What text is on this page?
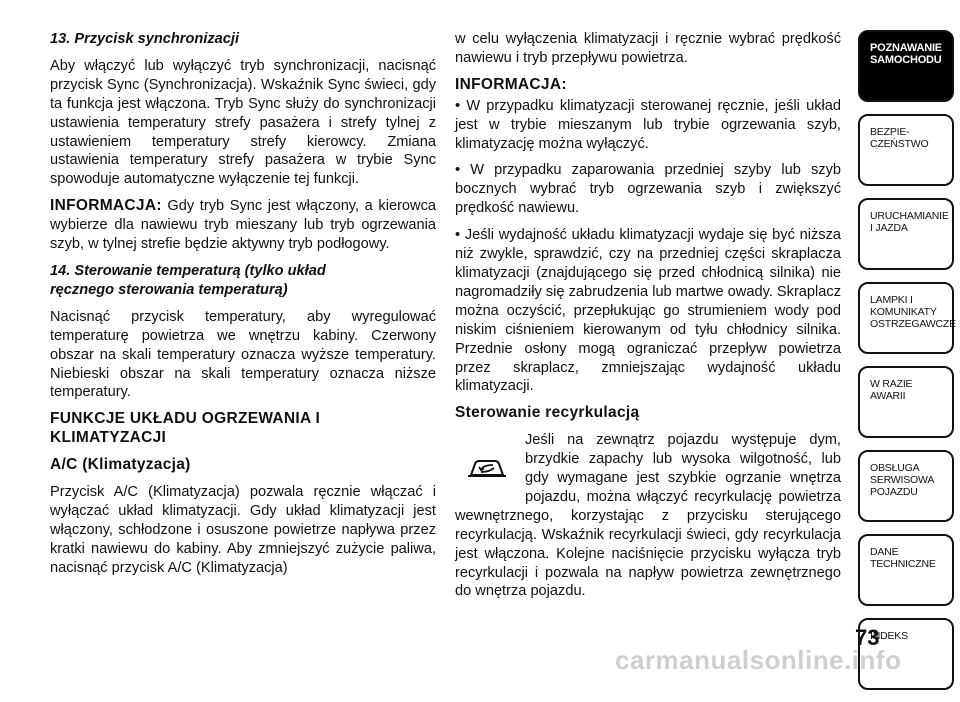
13. Przycisk synchronizacji

Aby włączyć lub wyłączyć tryb synchronizacji, nacisnąć przycisk Sync (Synchronizacja). Wskaźnik Sync świeci, gdy ta funkcja jest włączona. Tryb Sync służy do synchronizacji ustawienia temperatury strefy pasażera i strefy tylnej z ustawieniem temperatury strefy kierowcy. Zmiana ustawienia temperatury strefy pasażera w trybie Sync spowoduje automatyczne wyłączenie tej funkcji.

INFORMACJA: Gdy tryb Sync jest włączony, a kierowca wybierze dla nawiewu tryb mieszany lub tryb ogrzewania szyb, w tylnej strefie będzie aktywny tryb podłogowy.

14. Sterowanie temperaturą (tylko układ
ręcznego sterowania temperaturą)

Nacisnąć przycisk temperatury, aby wyregulować temperaturę powietrza we wnętrzu kabiny. Czerwony obszar na skali temperatury oznacza wyższe temperatury. Niebieski obszar na skali temperatury oznacza niższe temperatury.

FUNKCJE UKŁADU OGRZEWANIA I
KLIMATYZACJI

A/C (Klimatyzacja)

Przycisk A/C (Klimatyzacja) pozwala ręcznie włączać i wyłączać układ klimatyzacji. Gdy układ klimatyzacji jest włączony, schłodzone i osuszone powietrze napływa przez kratki nawiewu do kabiny. Aby zmniejszyć zużycie paliwa, nacisnąć przycisk A/C (Klimatyzacja)

w celu wyłączenia klimatyzacji i ręcznie wybrać prędkość nawiewu i tryb przepływu powietrza.

INFORMACJA:

• W przypadku klimatyzacji sterowanej ręcznie, jeśli układ jest w trybie mieszanym lub trybie ogrzewania szyb, klimatyzację można wyłączyć.

• W przypadku zaparowania przedniej szyby lub szyb bocznych wybrać tryb ogrzewania szyb i zwiększyć prędkość nawiewu.

• Jeśli wydajność układu klimatyzacji wydaje się być niższa niż zwykle, sprawdzić, czy na przedniej części skraplacza klimatyzacji (znajdującego się przed chłodnicą silnika) nie nagromadziły się zabrudzenia lub martwe owady. Skraplacz można oczyścić, przepłukując go strumieniem wody pod niskim ciśnieniem kierowanym od tyłu chłodnicy silnika. Przednie osłony mogą ograniczać przepływ powietrza przez skraplacz, zmniejszając wydajność układu klimatyzacji.

Sterowanie recyrkulacją

Jeśli na zewnątrz pojazdu występuje dym, brzydkie zapachy lub wysoka wilgotność, lub gdy wymagane jest szybkie ogrzanie wnętrza pojazdu, można włączyć recyrkulację powietrza wewnętrznego, korzystając z przycisku sterującego recyrkulacją. Wskaźnik recyrkulacji świeci, gdy recyrkulacja jest włączona. Kolejne naciśnięcie przycisku wyłącza tryb recyrkulacji i pozwala na napływ powietrza zewnętrznego do wnętrza pojazdu.

POZNAWANIE
SAMOCHODU
BEZPIE-
CZEŃSTWO
URUCHAMIANIE
I JAZDA
LAMPKI I
KOMUNIKATY
OSTRZEGAWCZE
W RAZIE
AWARII
OBSŁUGA
SERWISOWA
POJAZDU
DANE
TECHNICZNE
INDEKS
73
carmanualsonline.info
